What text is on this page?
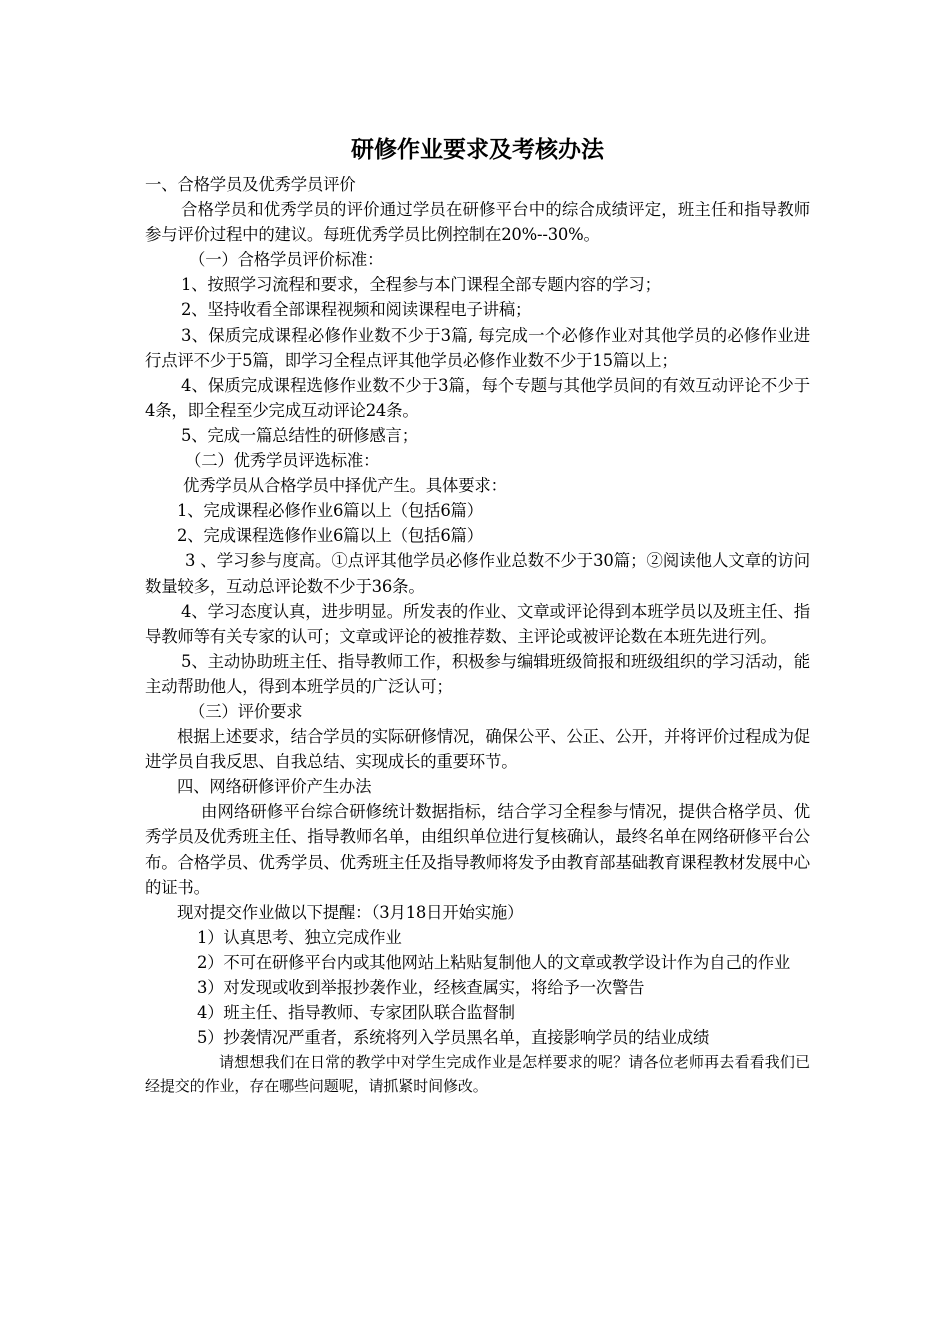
研修作业要求及考核办法

一、合格学员及优秀学员评价

合格学员和优秀学员的评价通过学员在研修平台中的综合成绩评定，班主任和指导教师参与评价过程中的建议。每班优秀学员比例控制在20%--30%。

（一）合格学员评价标准：

1、按照学习流程和要求，全程参与本门课程全部专题内容的学习；

2、坚持收看全部课程视频和阅读课程电子讲稿；

3、保质完成课程必修作业数不少于3篇, 每完成一个必修作业对其他学员的必修作业进行点评不少于5篇，即学习全程点评其他学员必修作业数不少于15篇以上；

4、保质完成课程选修作业数不少于3篇，每个专题与其他学员间的有效互动评论不少于4条，即全程至少完成互动评论24条。

5、完成一篇总结性的研修感言；

（二）优秀学员评选标准：

优秀学员从合格学员中择优产生。具体要求：

1、完成课程必修作业6篇以上（包括6篇）

2、完成课程选修作业6篇以上（包括6篇）

3 、学习参与度高。①点评其他学员必修作业总数不少于30篇；②阅读他人文章的访问数量较多，互动总评论数不少于36条。

4、学习态度认真，进步明显。所发表的作业、文章或评论得到本班学员以及班主任、指导教师等有关专家的认可；文章或评论的被推荐数、主评论或被评论数在本班先进行列。

5、主动协助班主任、指导教师工作，积极参与编辑班级简报和班级组织的学习活动，能主动帮助他人，得到本班学员的广泛认可；

（三）评价要求

根据上述要求，结合学员的实际研修情况，确保公平、公正、公开，并将评价过程成为促进学员自我反思、自我总结、实现成长的重要环节。

四、网络研修评价产生办法

由网络研修平台综合研修统计数据指标，结合学习全程参与情况，提供合格学员、优秀学员及优秀班主任、指导教师名单，由组织单位进行复核确认，最终名单在网络研修平台公布。合格学员、优秀学员、优秀班主任及指导教师将发予由教育部基础教育课程教材发展中心的证书。

现对提交作业做以下提醒：（3月18日开始实施）

1）认真思考、独立完成作业

2）不可在研修平台内或其他网站上粘贴复制他人的文章或教学设计作为自己的作业

3）对发现或收到举报抄袭作业，经核查属实，将给予一次警告

4）班主任、指导教师、专家团队联合监督制

5）抄袭情况严重者，系统将列入学员黑名单，直接影响学员的结业成绩

请想想我们在日常的教学中对学生完成作业是怎样要求的呢？请各位老师再去看看我们已经提交的作业，存在哪些问题呢，请抓紧时间修改。
